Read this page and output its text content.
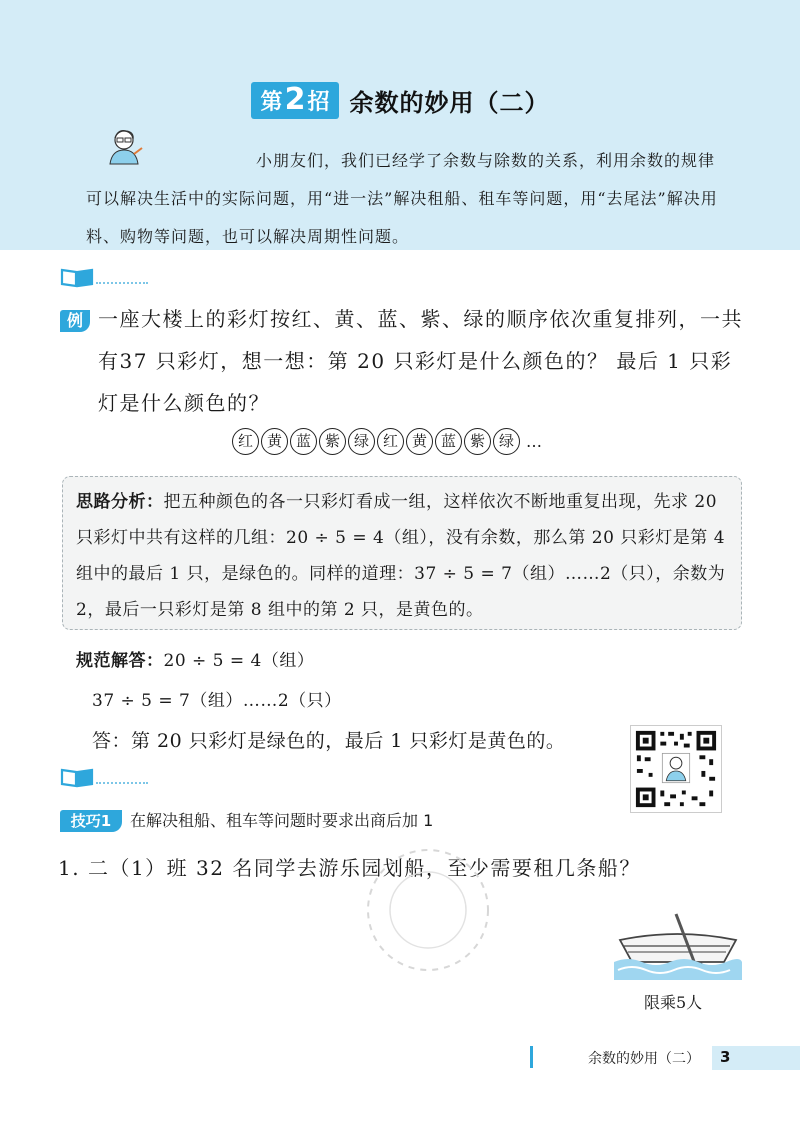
第 2 招 余数的妙用（二）
小朋友们，我们已经学了余数与除数的关系，利用余数的规律可以解决生活中的实际问题，用“进一法”解决租船、租车等问题，用“去尾法”解决用料、购物等问题，也可以解决周期性问题。
例 一座大楼上的彩灯按红、黄、蓝、紫、绿的顺序依次重复排列，一共有37 只彩灯，想一想：第 20 只彩灯是什么颜色的？ 最后 1 只彩灯是什么颜色的？
红 黄 蓝 紫 绿 红 黄 蓝 紫 绿 …
思路分析：把五种颜色的各一只彩灯看成一组，这样依次不断地重复出现，先求 20 只彩灯中共有这样的几组：20 ÷ 5 = 4（组），没有余数，那么第 20 只彩灯是第 4 组中的最后 1 只，是绿色的。同样的道理：37 ÷ 5 = 7（组）……2（只），余数为 2，最后一只彩灯是第 8 组中的第 2 只，是黄色的。
规范解答：20 ÷ 5 = 4（组）
37 ÷ 5 = 7（组）……2（只）
答：第 20 只彩灯是绿色的，最后 1 只彩灯是黄色的。
技巧1	在解决租船、租车等问题时要求出商后加 1
1. 二（1）班 32 名同学去游乐园划船，至少需要租几条船？
限乘5人
余数的妙用（二） 3
